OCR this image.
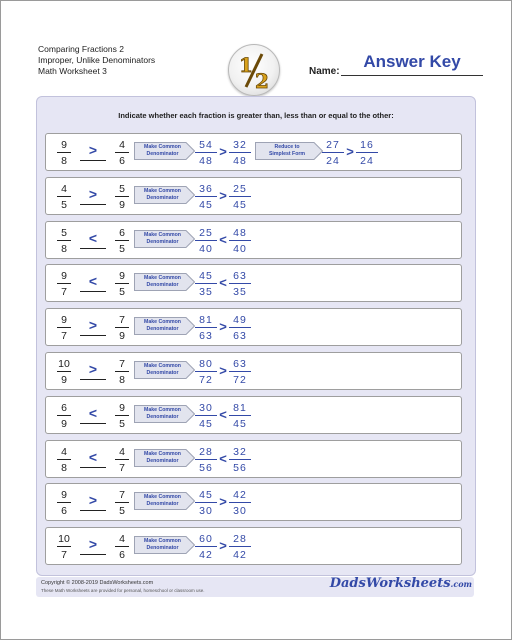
Comparing Fractions 2
Improper, Unlike Denominators
Math Worksheet 3	1
2	Name:
Answer Key
Indicate whether each fraction is greater than, less than or equal to the other:
9
8
>	4
6
Make Common
Denominator
54
48
> 32
48
Reduce to
Simplest Form
27
24
> 16
24
4
5
>	5
9
Make Common
Denominator
36
45
> 25
45
5
8
<	6
5
Make Common
Denominator
25
40
< 48
40
9
7
<	9
5
Make Common
Denominator
45
35
< 63
35
9
7
>	7
9
Make Common
Denominator
81
63
> 49
63
10
9
>	7
8
Make Common
Denominator
80
72
> 63
72
6
9
<	9
5
Make Common
Denominator
30
45
< 81
45
4
8
<	4
7
Make Common
Denominator
28
56
< 32
56
9
6
>	7
5
Make Common
Denominator
45
30
> 42
30
10
7
>	4
6
Make Common
Denominator
60
42
> 28
42
Copyright © 2008-2019 DadsWorksheets.com
These Math Worksheets are provided for personal, homeschool or classroom use.	DadsWorksheets.com
